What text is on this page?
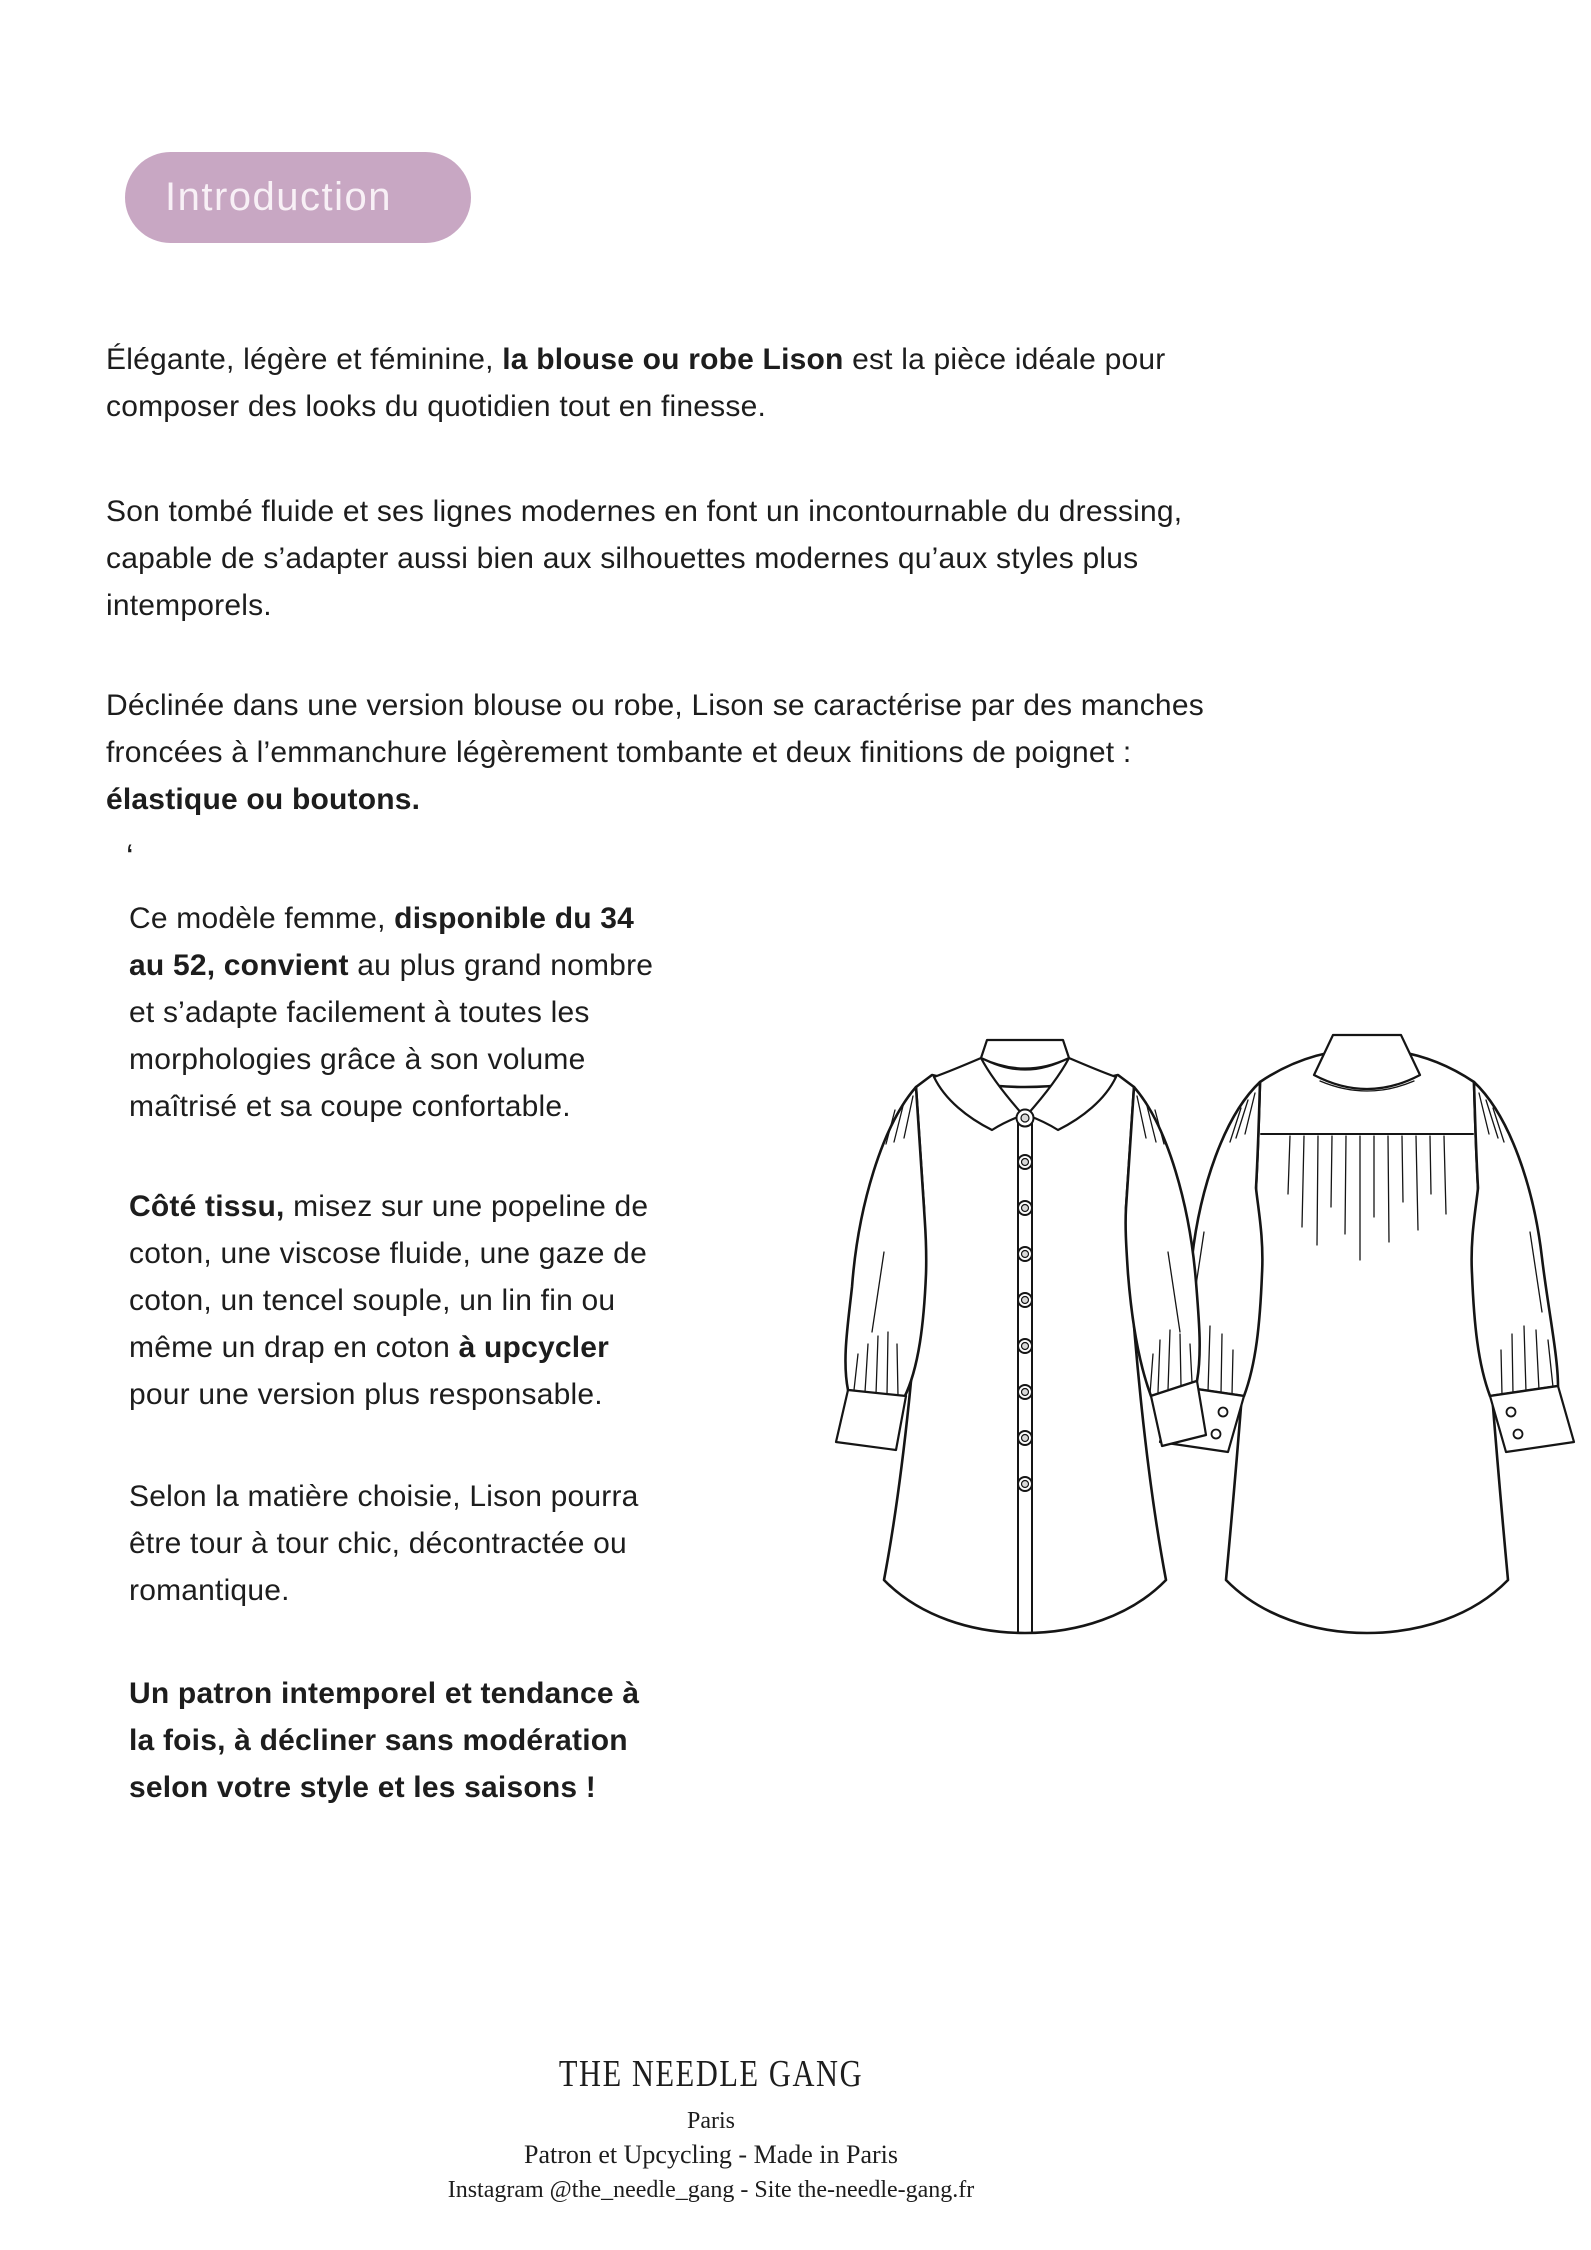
Introduction
Élégante, légère et féminine, la blouse ou robe Lison est la pièce idéale pour
composer des looks du quotidien tout en finesse.
Son tombé fluide et ses lignes modernes en font un incontournable du dressing,
capable de s’adapter aussi bien aux silhouettes modernes qu’aux styles plus
intemporels.
Déclinée dans une version blouse ou robe, Lison se caractérise par des manches
froncées à l’emmanchure légèrement tombante et deux finitions de poignet :
élastique ou boutons.
‘
Ce modèle femme, disponible du 34
au 52, convient au plus grand nombre
et s’adapte facilement à toutes les
morphologies grâce à son volume
maîtrisé et sa coupe confortable.
Côté tissu, misez sur une popeline de
coton, une viscose fluide, une gaze de
coton, un tencel souple, un lin fin ou
même un drap en coton à upcycler
pour une version plus responsable.
Selon la matière choisie, Lison pourra
être tour à tour chic, décontractée ou
romantique.
Un patron intemporel et tendance à
la fois, à décliner sans modération
selon votre style et les saisons !
THE NEEDLE GANG
Paris
Patron et Upcycling - Made in Paris
Instagram @the_needle_gang - Site the-needle-gang.fr
